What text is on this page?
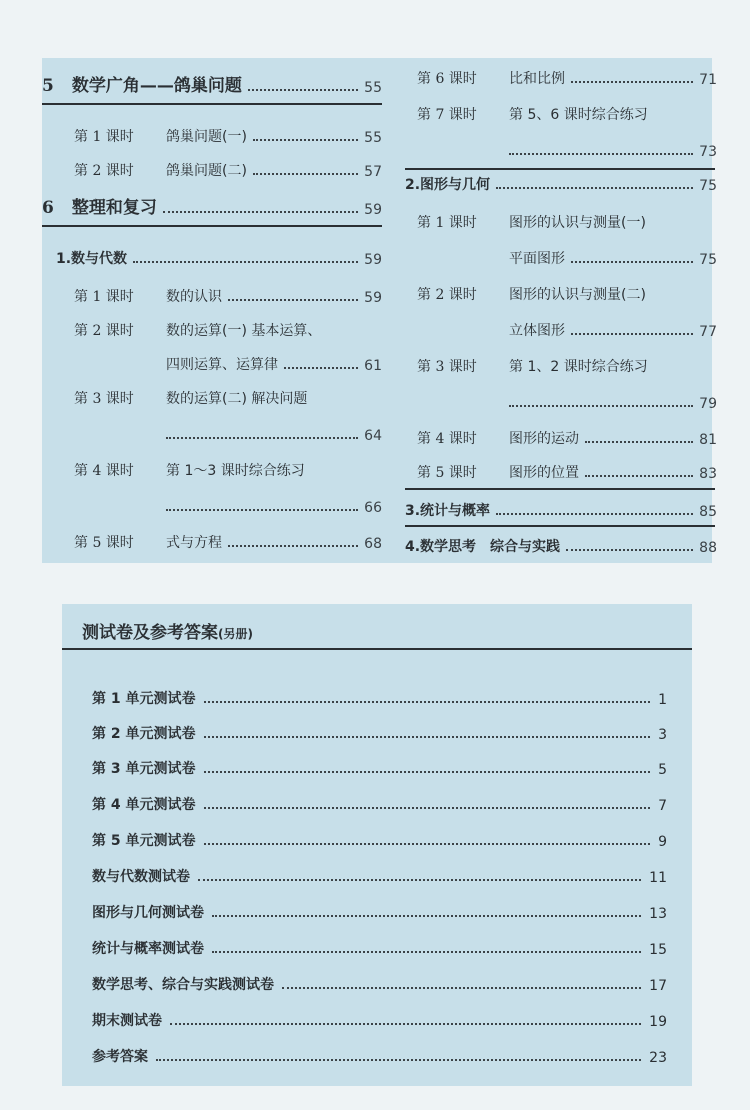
5 数学广角——鸽巢问题	55
第 1 课时	鸽巢问题(一)	55
第 2 课时	鸽巢问题(二)	57
6 整理和复习	59
1.数与代数	59
第 1 课时	数的认识	59
第 2 课时	数的运算(一) 基本运算、
四则运算、运算律	61
第 3 课时	数的运算(二) 解决问题
64
第 4 课时	第 1～3 课时综合练习
66
第 5 课时	式与方程	68
第 6 课时	比和比例	71
第 7 课时	第 5、6 课时综合练习
73
2.图形与几何	75
第 1 课时	图形的认识与测量(一)
平面图形	75
第 2 课时	图形的认识与测量(二)
立体图形	77
第 3 课时	第 1、2 课时综合练习
79
第 4 课时	图形的运动	81
第 5 课时	图形的位置	83
3.统计与概率	85
4.数学思考　综合与实践	88
测试卷及参考答案(另册)
第 1 单元测试卷	1
第 2 单元测试卷	3
第 3 单元测试卷	5
第 4 单元测试卷	7
第 5 单元测试卷	9
数与代数测试卷	11
图形与几何测试卷	13
统计与概率测试卷	15
数学思考、综合与实践测试卷	17
期末测试卷	19
参考答案	23
